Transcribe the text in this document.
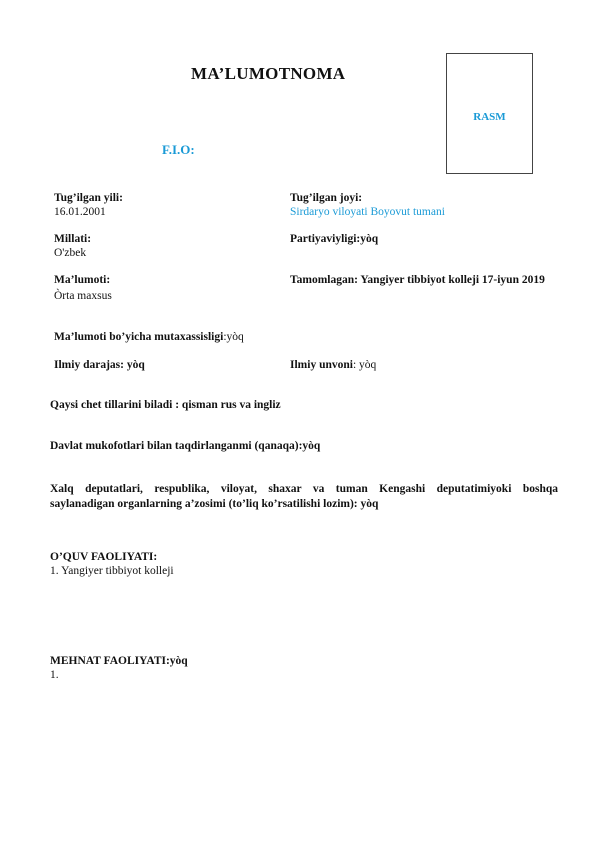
MA’LUMOTNOMA
RASM
F.I.O:
Tug’ilgan yili:
16.01.2001
Tug’ilgan joyi:
Sirdaryo viloyati Boyovut tumani
Millati:
O'zbek
Partiyaviyligi:yòq
Ma’lumoti:
Òrta maxsus
Tamomlagan: Yangiyer tibbiyot kolleji 17-iyun 2019
Ma’lumoti bo’yicha mutaxassisligi:yòq
Ilmiy darajas: yòq	Ilmiy unvoni: yòq
Qaysi chet tillarini biladi : qisman rus va ingliz
Davlat mukofotlari bilan taqdirlanganmi (qanaqa):yòq
Xalq deputatlari, respublika, viloyat, shaxar va tuman Kengashi deputatimiyoki boshqa
saylanadigan organlarning a’zosimi (to’liq ko’rsatilishi lozim): yòq
O’QUV FAOLIYATI:
1. Yangiyer tibbiyot kolleji
MEHNAT FAOLIYATI:yòq
1.
